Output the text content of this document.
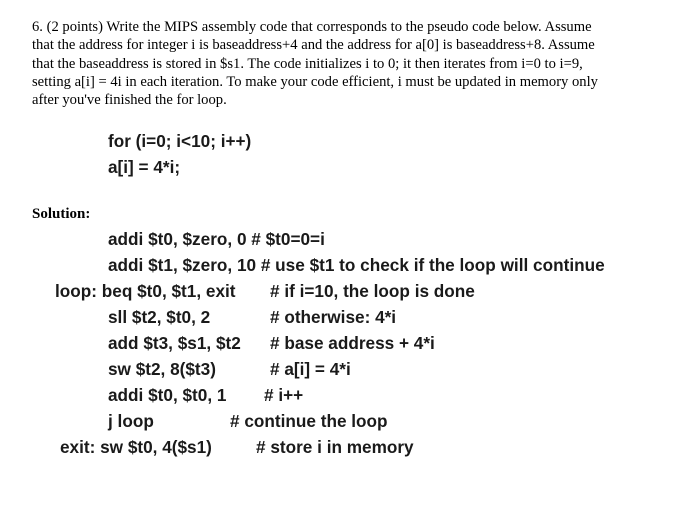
6. (2 points) Write the MIPS assembly code that corresponds to the pseudo code below. Assume
that the address for integer i is baseaddress+4 and the address for a[0] is baseaddress+8. Assume
that the baseaddress is stored in $s1. The code initializes i to 0; it then iterates from i=0 to i=9,
setting a[i] = 4i in each iteration. To make your code efficient, i must be updated in memory only
after you've finished the for loop.
for (i=0; i<10; i++)
a[i] = 4*i;
Solution:
addi $t0, $zero, 0 # $t0=0=i
addi $t1, $zero, 10 # use $t1 to check if the loop will continue
loop: beq $t0, $t1, exit # if i=10, the loop is done
sll $t2, $t0, 2	# otherwise: 4*i
add $t3, $s1, $t2 # base address + 4*i
sw $t2, 8($t3)	# a[i] = 4*i
addi $t0, $t0, 1 # i++
j loop	# continue the loop
exit: sw $t0, 4($s1)	# store i in memory
